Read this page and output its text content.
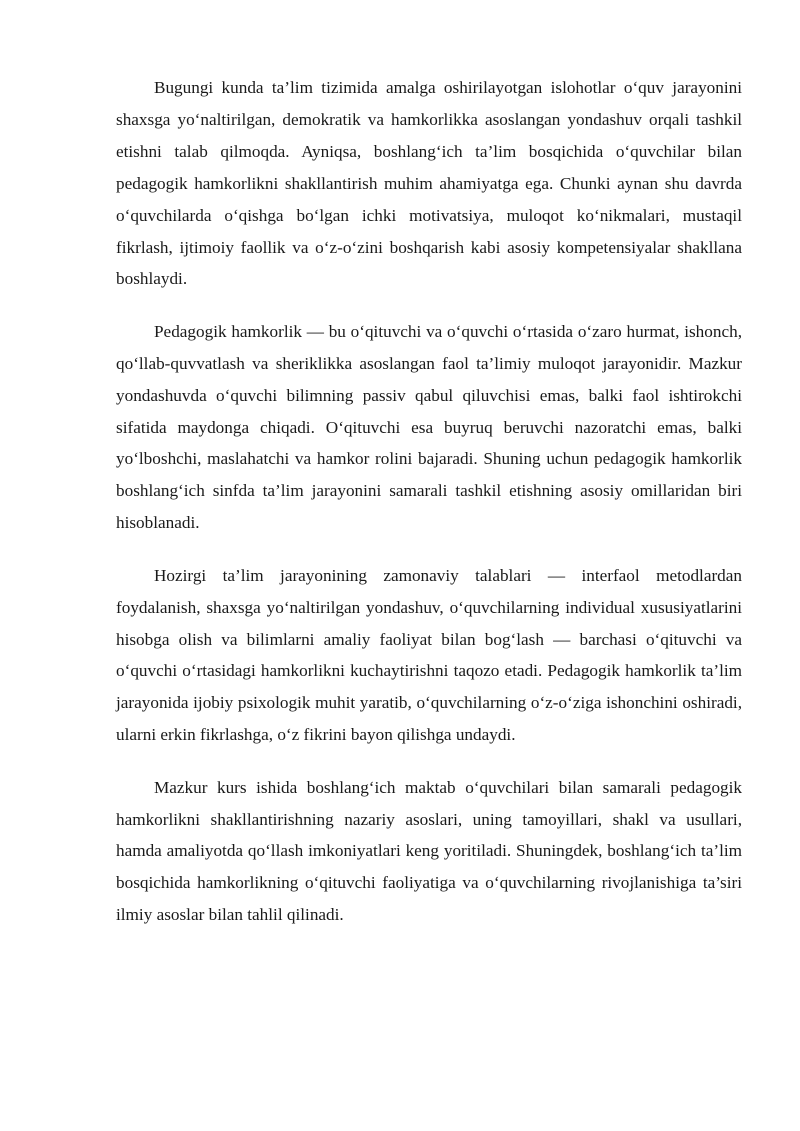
Bugungi kunda ta’lim tizimida amalga oshirilayotgan islohotlar o‘quv jarayonini shaxsga yo‘naltirilgan, demokratik va hamkorlikka asoslangan yondashuv orqali tashkil etishni talab qilmoqda. Ayniqsa, boshlang‘ich ta’lim bosqichida o‘quvchilar bilan pedagogik hamkorlikni shakllantirish muhim ahamiyatga ega. Chunki aynan shu davrda o‘quvchilarda o‘qishga bo‘lgan ichki motivatsiya, muloqot ko‘nikmalari, mustaqil fikrlash, ijtimoiy faollik va o‘z-o‘zini boshqarish kabi asosiy kompetensiyalar shakllana boshlaydi.

Pedagogik hamkorlik — bu o‘qituvchi va o‘quvchi o‘rtasida o‘zaro hurmat, ishonch, qo‘llab-quvvatlash va sheriklikka asoslangan faol ta’limiy muloqot jarayonidir. Mazkur yondashuvda o‘quvchi bilimning passiv qabul qiluvchisi emas, balki faol ishtirokchi sifatida maydonga chiqadi. O‘qituvchi esa buyruq beruvchi nazoratchi emas, balki yo‘lboshchi, maslahatchi va hamkor rolini bajaradi. Shuning uchun pedagogik hamkorlik boshlang‘ich sinfda ta’lim jarayonini samarali tashkil etishning asosiy omillaridan biri hisoblanadi.

Hozirgi ta’lim jarayonining zamonaviy talablari — interfaol metodlardan foydalanish, shaxsga yo‘naltirilgan yondashuv, o‘quvchilarning individual xususiyatlarini hisobga olish va bilimlarni amaliy faoliyat bilan bog‘lash — barchasi o‘qituvchi va o‘quvchi o‘rtasidagi hamkorlikni kuchaytirishni taqozo etadi. Pedagogik hamkorlik ta’lim jarayonida ijobiy psixologik muhit yaratib, o‘quvchilarning o‘z-o‘ziga ishonchini oshiradi, ularni erkin fikrlashga, o‘z fikrini bayon qilishga undaydi.

Mazkur kurs ishida boshlang‘ich maktab o‘quvchilari bilan samarali pedagogik hamkorlikni shakllantirishning nazariy asoslari, uning tamoyillari, shakl va usullari, hamda amaliyotda qo‘llash imkoniyatlari keng yoritiladi. Shuningdek, boshlang‘ich ta’lim bosqichida hamkorlikning o‘qituvchi faoliyatiga va o‘quvchilarning rivojlanishiga ta’siri ilmiy asoslar bilan tahlil qilinadi.
